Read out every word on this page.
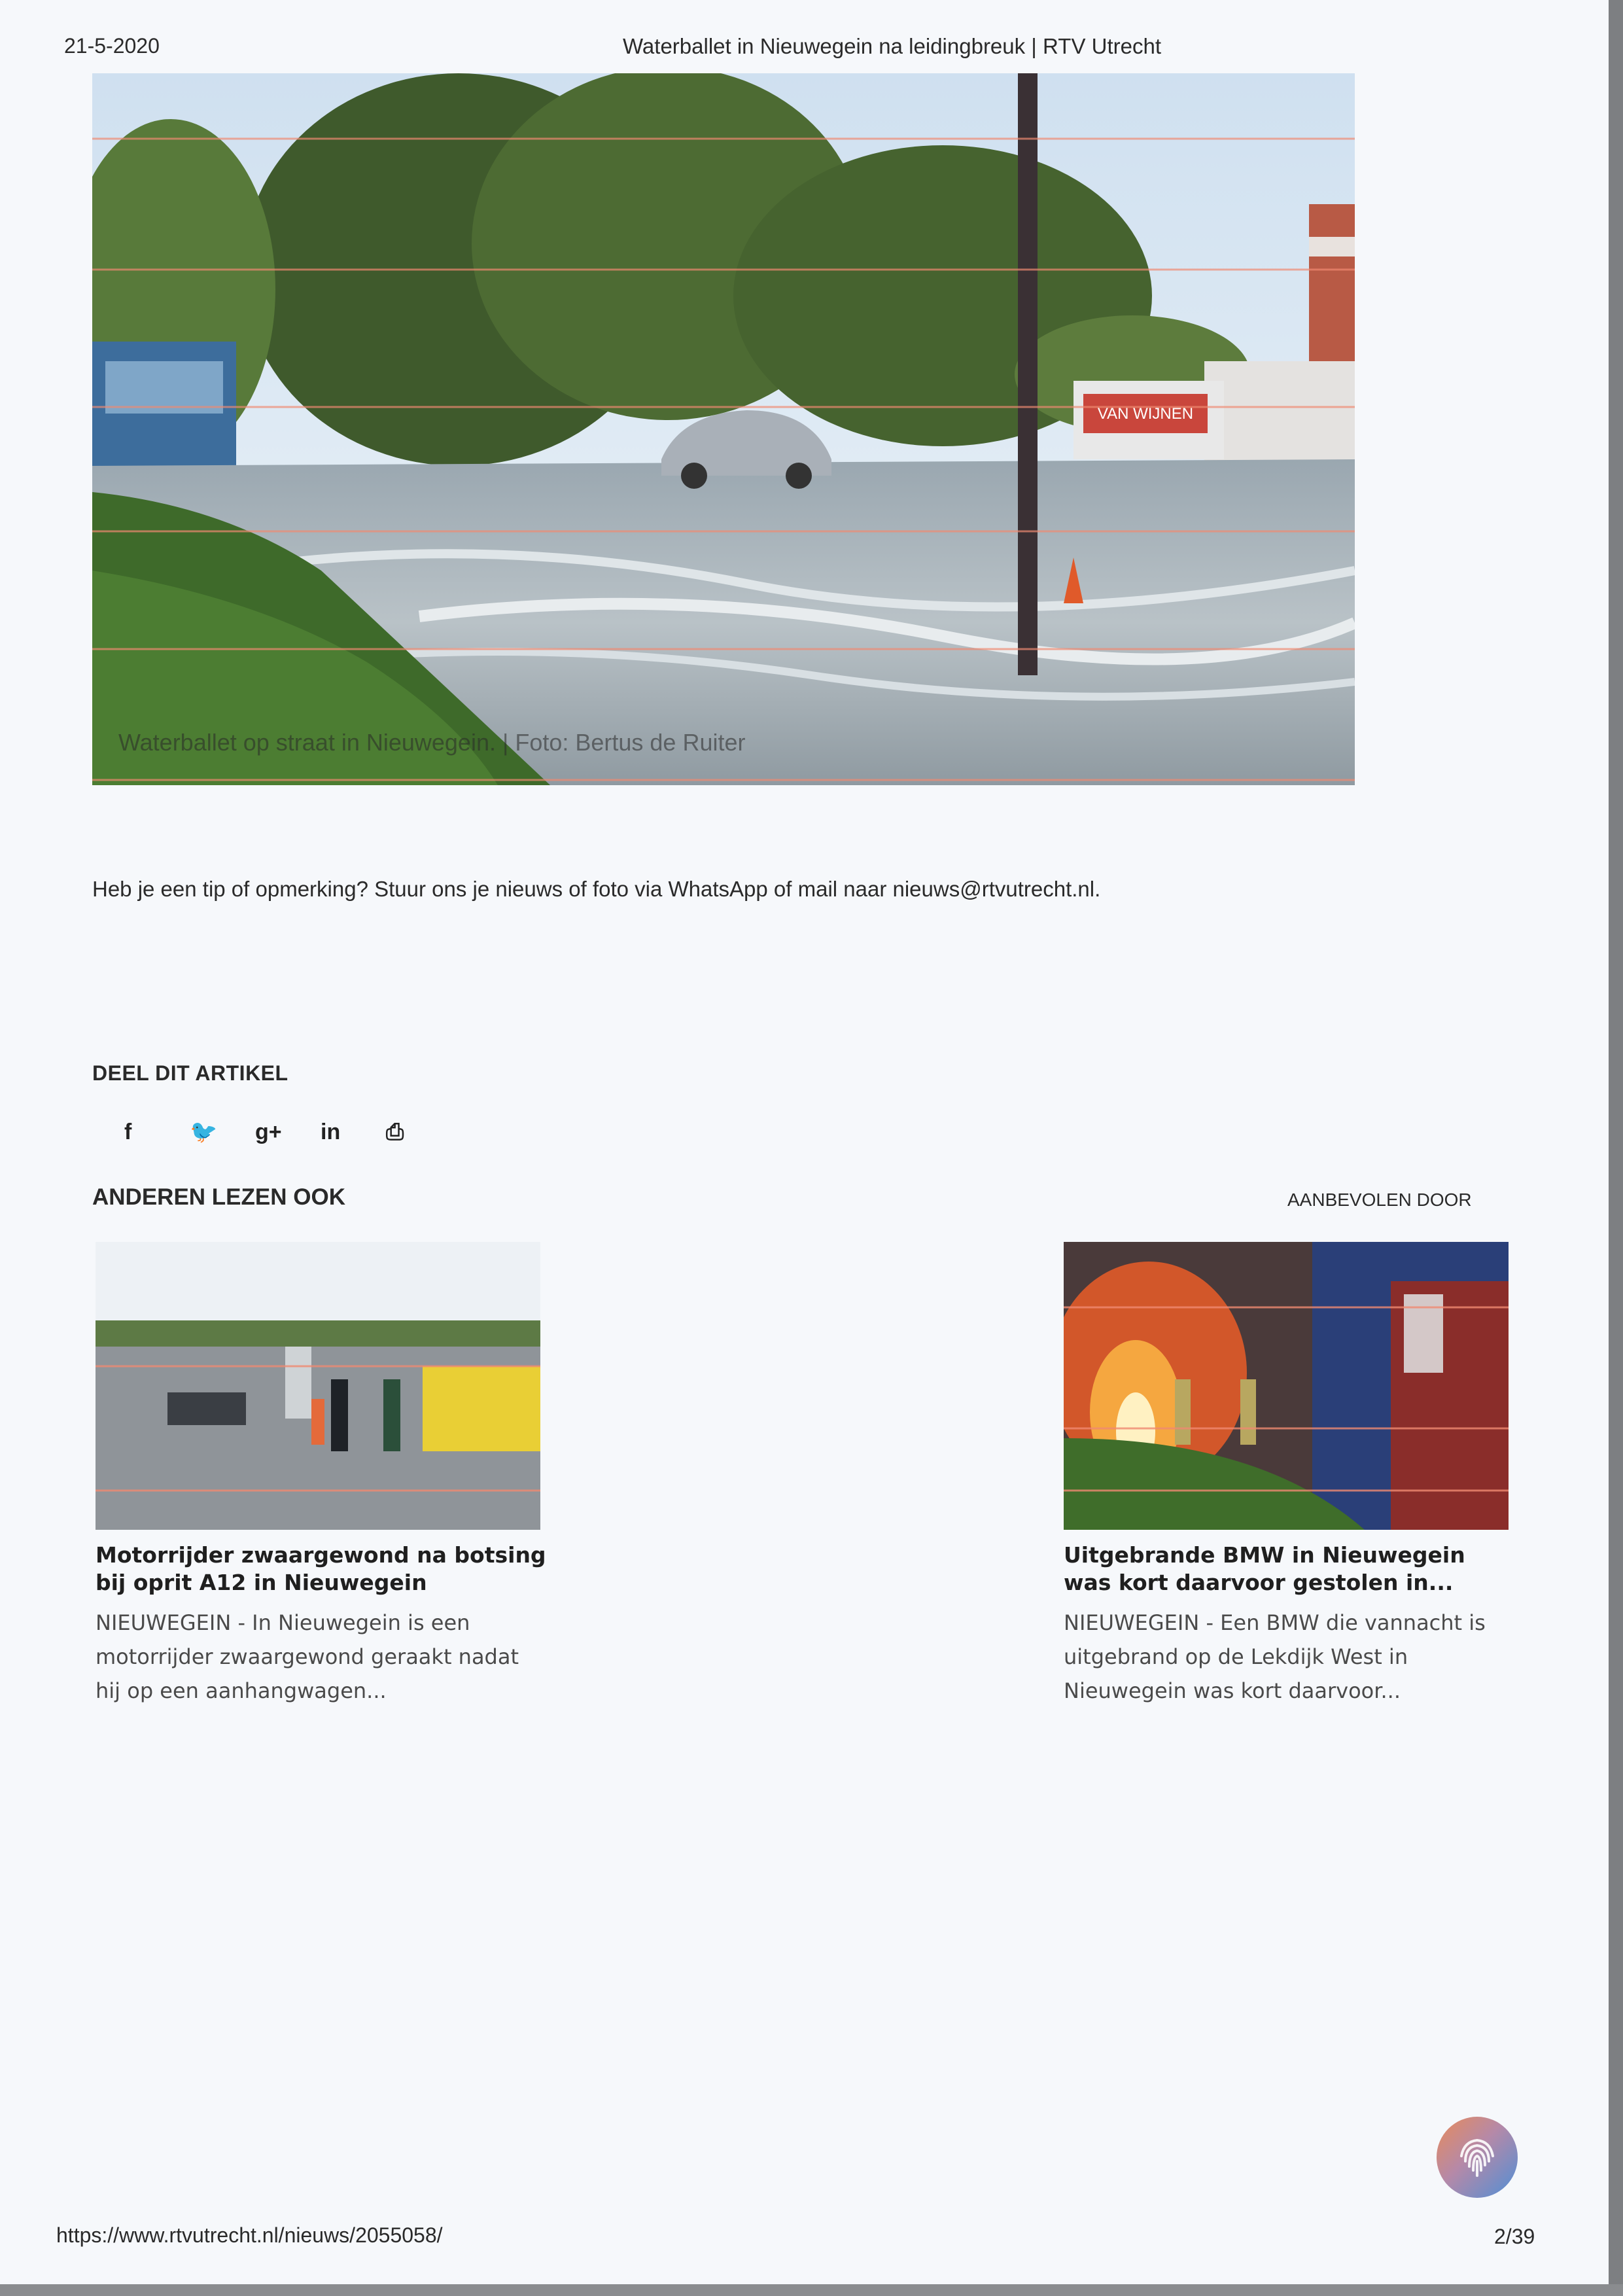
21-5-2020	Waterballet in Nieuwegein na leidingbreuk | RTV Utrecht
VAN WIJNEN
Waterballet op straat in Nieuwegein. | Foto: Bertus de Ruiter
Heb je een tip of opmerking? Stuur ons je nieuws of foto via WhatsApp of mail naar nieuws@rtvutrecht.nl.
DEEL DIT ARTIKEL
f	🐦	g+	in	⎙
ANDEREN LEZEN OOK	AANBEVOLEN DOOR
Motorrijder zwaargewond na botsing bij oprit A12 in Nieuwegein

NIEUWEGEIN - In Nieuwegein is een motorrijder zwaargewond geraakt nadat hij op een aanhangwagen...

Uitgebrande BMW in Nieuwegein was kort daarvoor gestolen in...

NIEUWEGEIN - Een BMW die vannacht is uitgebrand op de Lekdijk West in Nieuwegein was kort daarvoor...

https://www.rtvutrecht.nl/nieuws/2055058/	2/39
